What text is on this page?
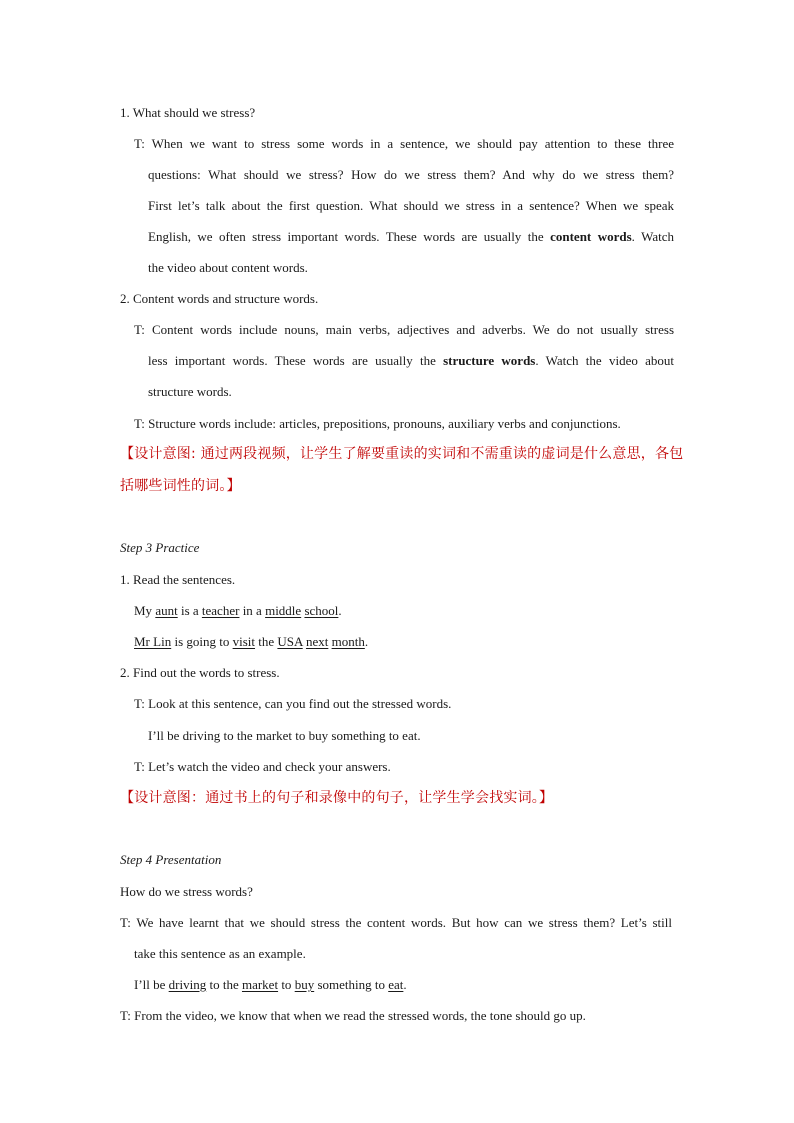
1. What should we stress?
T: When we want to stress some words in a sentence, we should pay attention to these three
questions: What should we stress? How do we stress them? And why do we stress them?
First let’s talk about the first question. What should we stress in a sentence? When we speak
English, we often stress important words. These words are usually the content words. Watch
the video about content words.
2. Content words and structure words.
T: Content words include nouns, main verbs, adjectives and adverbs. We do not usually stress
less important words. These words are usually the structure words. Watch the video about
structure words.
T: Structure words include: articles, prepositions, pronouns, auxiliary verbs and conjunctions.
【设计意图: 通过两段视频，让学生了解要重读的实词和不需重读的虚词是什么意思，各包
括哪些词性的词。】
Step 3 Practice
1. Read the sentences.
My aunt is a teacher in a middle school.
Mr Lin is going to visit the USA next month.
2. Find out the words to stress.
T: Look at this sentence, can you find out the stressed words.
I’ll be driving to the market to buy something to eat.
T: Let’s watch the video and check your answers.
【设计意图：通过书上的句子和录像中的句子，让学生学会找实词。】
Step 4 Presentation
How do we stress words?
T: We have learnt that we should stress the content words. But how can we stress them? Let’s still
take this sentence as an example.
I’ll be driving to the market to buy something to eat.
T: From the video, we know that when we read the stressed words, the tone should go up.
